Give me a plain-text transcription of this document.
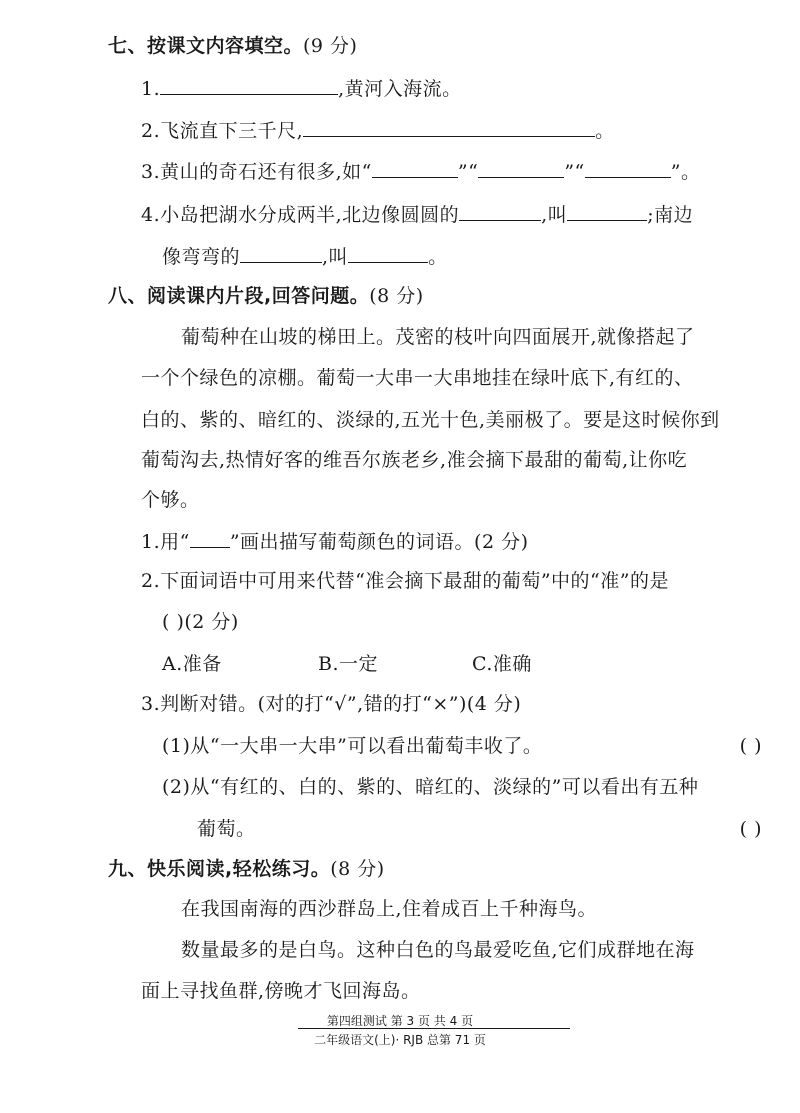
七、按课文内容填空。(9 分)
1.	,黄河入海流。
2.飞流直下三千尺,	。
3.黄山的奇石还有很多,如“	”“	”“	”。
4.小岛把湖水分成两半,北边像圆圆的	,叫	;南边
像弯弯的	,叫	。
八、阅读课内片段,回答问题。(8 分)
葡萄种在山坡的梯田上。茂密的枝叶向四面展开,就像搭起了
一个个绿色的凉棚。葡萄一大串一大串地挂在绿叶底下,有红的、
白的、紫的、暗红的、淡绿的,五光十色,美丽极了。要是这时候你到
葡萄沟去,热情好客的维吾尔族老乡,准会摘下最甜的葡萄,让你吃
个够。
1.用“ ”画出描写葡萄颜色的词语。(2 分)
2.下面词语中可用来代替“准会摘下最甜的葡萄”中的“准”的是
( )(2 分)
A.准备	B.一定	C.准确
3.判断对错。(对的打“√”,错的打“×”)(4 分)
(1)从“一大串一大串”可以看出葡萄丰收了。	( )
(2)从“有红的、白的、紫的、暗红的、淡绿的”可以看出有五种
葡萄。	( )
九、快乐阅读,轻松练习。(8 分)
在我国南海的西沙群岛上,住着成百上千种海鸟。
数量最多的是白鸟。这种白色的鸟最爱吃鱼,它们成群地在海
面上寻找鱼群,傍晚才飞回海岛。
第四组测试 第 3 页 共 4 页
二年级语文(上)· RJB 总第 71 页
